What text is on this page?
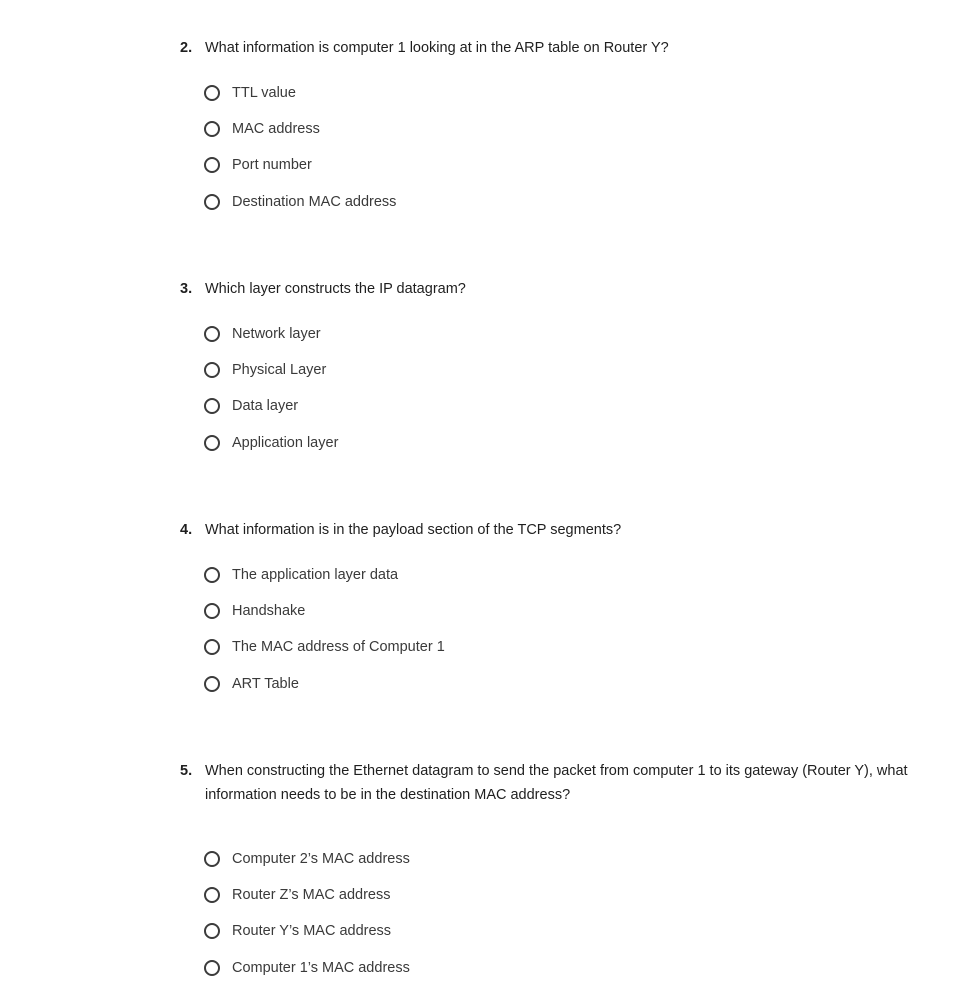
2. What information is computer 1 looking at in the ARP table on Router Y?
TTL value
MAC address
Port number
Destination MAC address
3. Which layer constructs the IP datagram?
Network layer
Physical Layer
Data layer
Application layer
4. What information is in the payload section of the TCP segments?
The application layer data
Handshake
The MAC address of Computer 1
ART Table
5. When constructing the Ethernet datagram to send the packet from computer 1 to its gateway (Router Y), what information needs to be in the destination MAC address?
Computer 2’s MAC address
Router Z’s MAC address
Router Y’s MAC address
Computer 1’s MAC address
